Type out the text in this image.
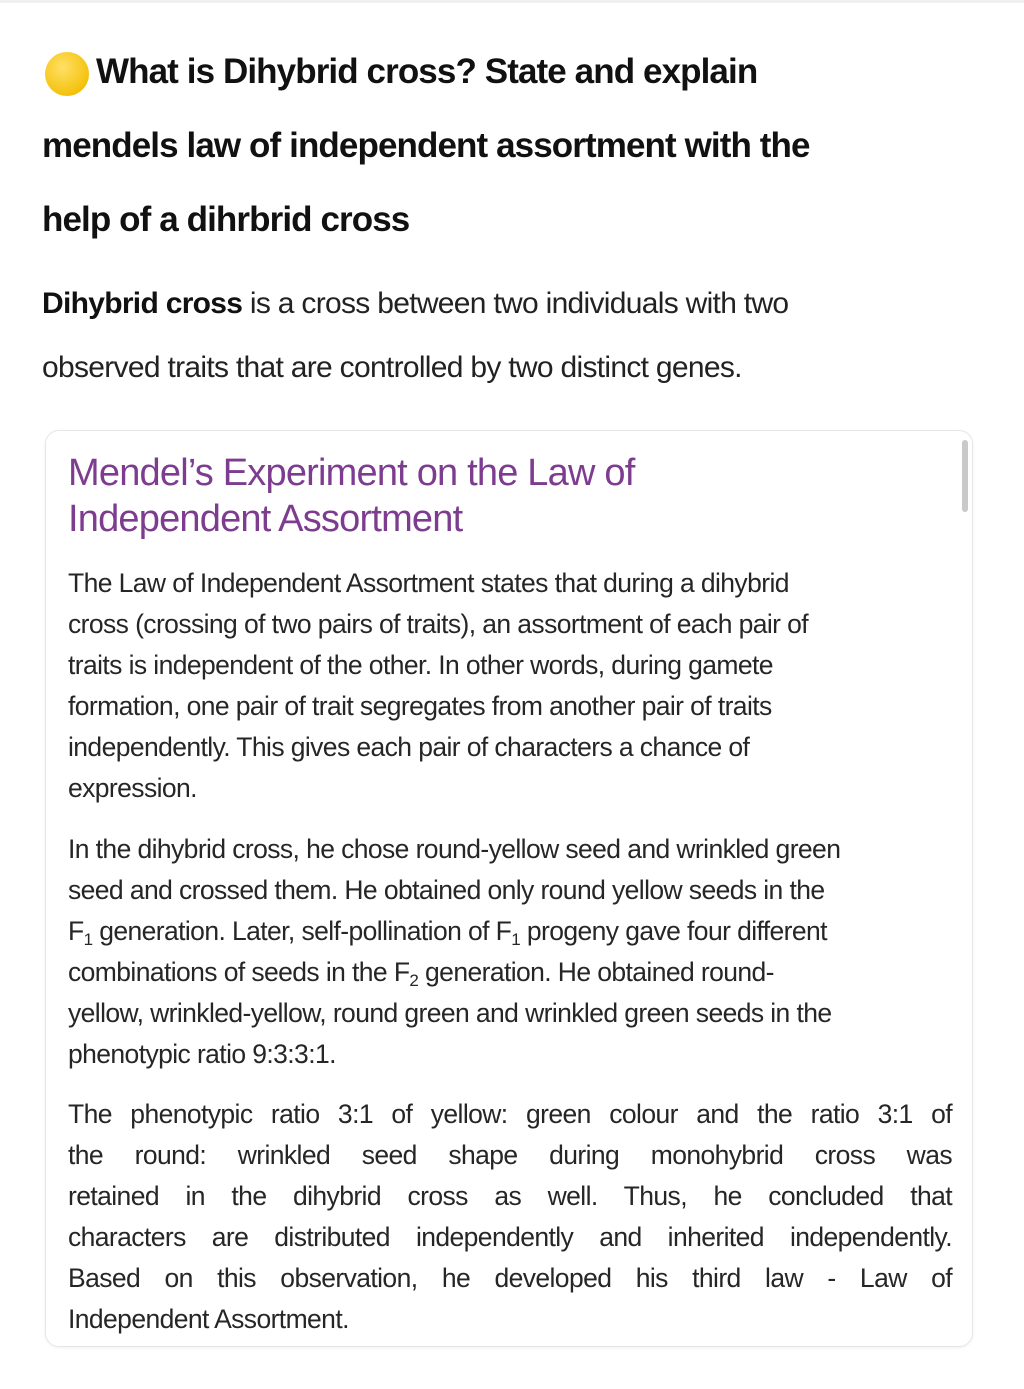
What is Dihybrid cross? State and explain
mendels law of independent assortment with the
help of a dihrbrid cross
Dihybrid cross is a cross between two individuals with two
observed traits that are controlled by two distinct genes.
Mendel’s Experiment on the Law of
Independent Assortment
The Law of Independent Assortment states that during a dihybrid
cross (crossing of two pairs of traits), an assortment of each pair of
traits is independent of the other. In other words, during gamete
formation, one pair of trait segregates from another pair of traits
independently. This gives each pair of characters a chance of
expression.
In the dihybrid cross, he chose round-yellow seed and wrinkled green
seed and crossed them. He obtained only round yellow seeds in the
$F_1$ generation. Later, self-pollination of $F_1$ progeny gave four different
combinations of seeds in the $F_2$ generation. He obtained round-
yellow, wrinkled-yellow, round green and wrinkled green seeds in the
phenotypic ratio 9:3:3:1.
The phenotypic ratio 3:1 of yellow: green colour and the ratio 3:1 of
the round: wrinkled seed shape during monohybrid cross was
retained in the dihybrid cross as well. Thus, he concluded that
characters are distributed independently and inherited independently.
Based on this observation, he developed his third law - Law of
Independent Assortment.
